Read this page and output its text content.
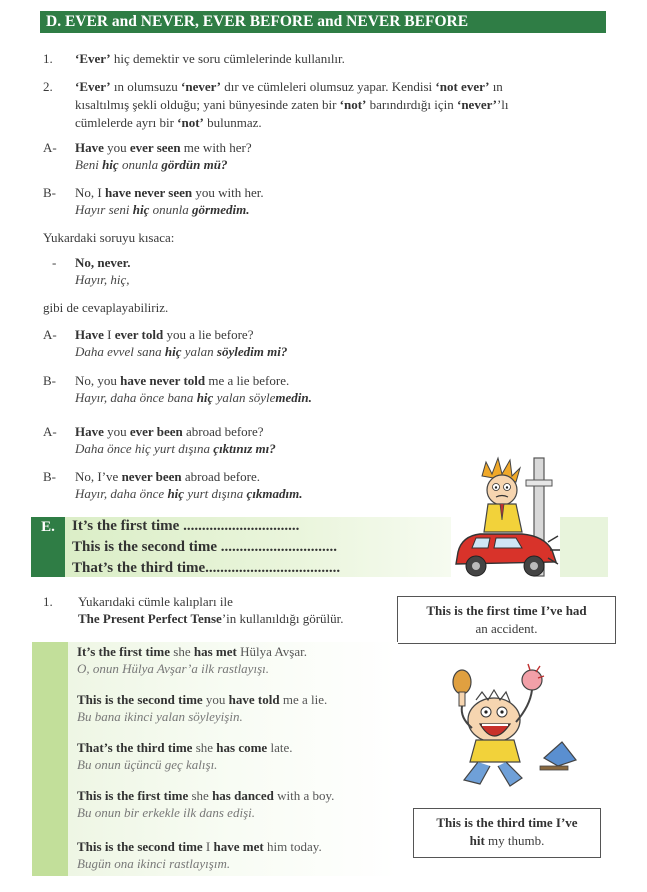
D. EVER and NEVER, EVER BEFORE and NEVER BEFORE
1. ‘Ever’ hiç demektir ve soru cümlelerinde kullanılır.
2. ‘Ever’ ın olumsuzu ‘never’ dır ve cümleleri olumsuz yapar. Kendisi ‘not ever’ ın
kısaltılmış şekli olduğu; yani bünyesinde zaten bir ‘not’ barındırdığı için ‘never’’lı
cümlelerde ayrı bir ‘not’ bulunmaz.
A- Have you ever seen me with her?
Beni hiç onunla gördün mü?
B- No, I have never seen you with her.
Hayır seni hiç onunla görmedim.
Yukardaki soruyu kısaca:
- No, never.
Hayır, hiç,
gibi de cevaplayabiliriz.
A- Have I ever told you a lie before?
Daha evvel sana hiç yalan söyledim mi?
B- No, you have never told me a lie before.
Hayır, daha önce bana hiç yalan söylemedin.
A- Have you ever been abroad before?
Daha önce hiç yurt dışına çıktınız mı?
B- No, I’ve never been abroad before.
Hayır, daha önce hiç yurt dışına çıkmadım.
E.	It’s the first time ...............................
This is the second time ...............................
That’s the third time....................................
1. Yukarıdaki cümle kalıpları ile
The Present Perfect Tense’in kullanıldığı görülür.
This is the first time I’ve had
an accident.
It’s the first time she has met Hülya Avşar.
O, onun Hülya Avşar’a ilk rastlayışı.
This is the second time you have told me a lie.
Bu bana ikinci yalan söyleyişin.
That’s the third time she has come late.
Bu onun üçüncü geç kalışı.
This is the first time she has danced with a boy.
Bu onun bir erkekle ilk dans edişi.
This is the second time I have met him today.
Bugün ona ikinci rastlayışım.
This is the third time I’ve
hit my thumb.
